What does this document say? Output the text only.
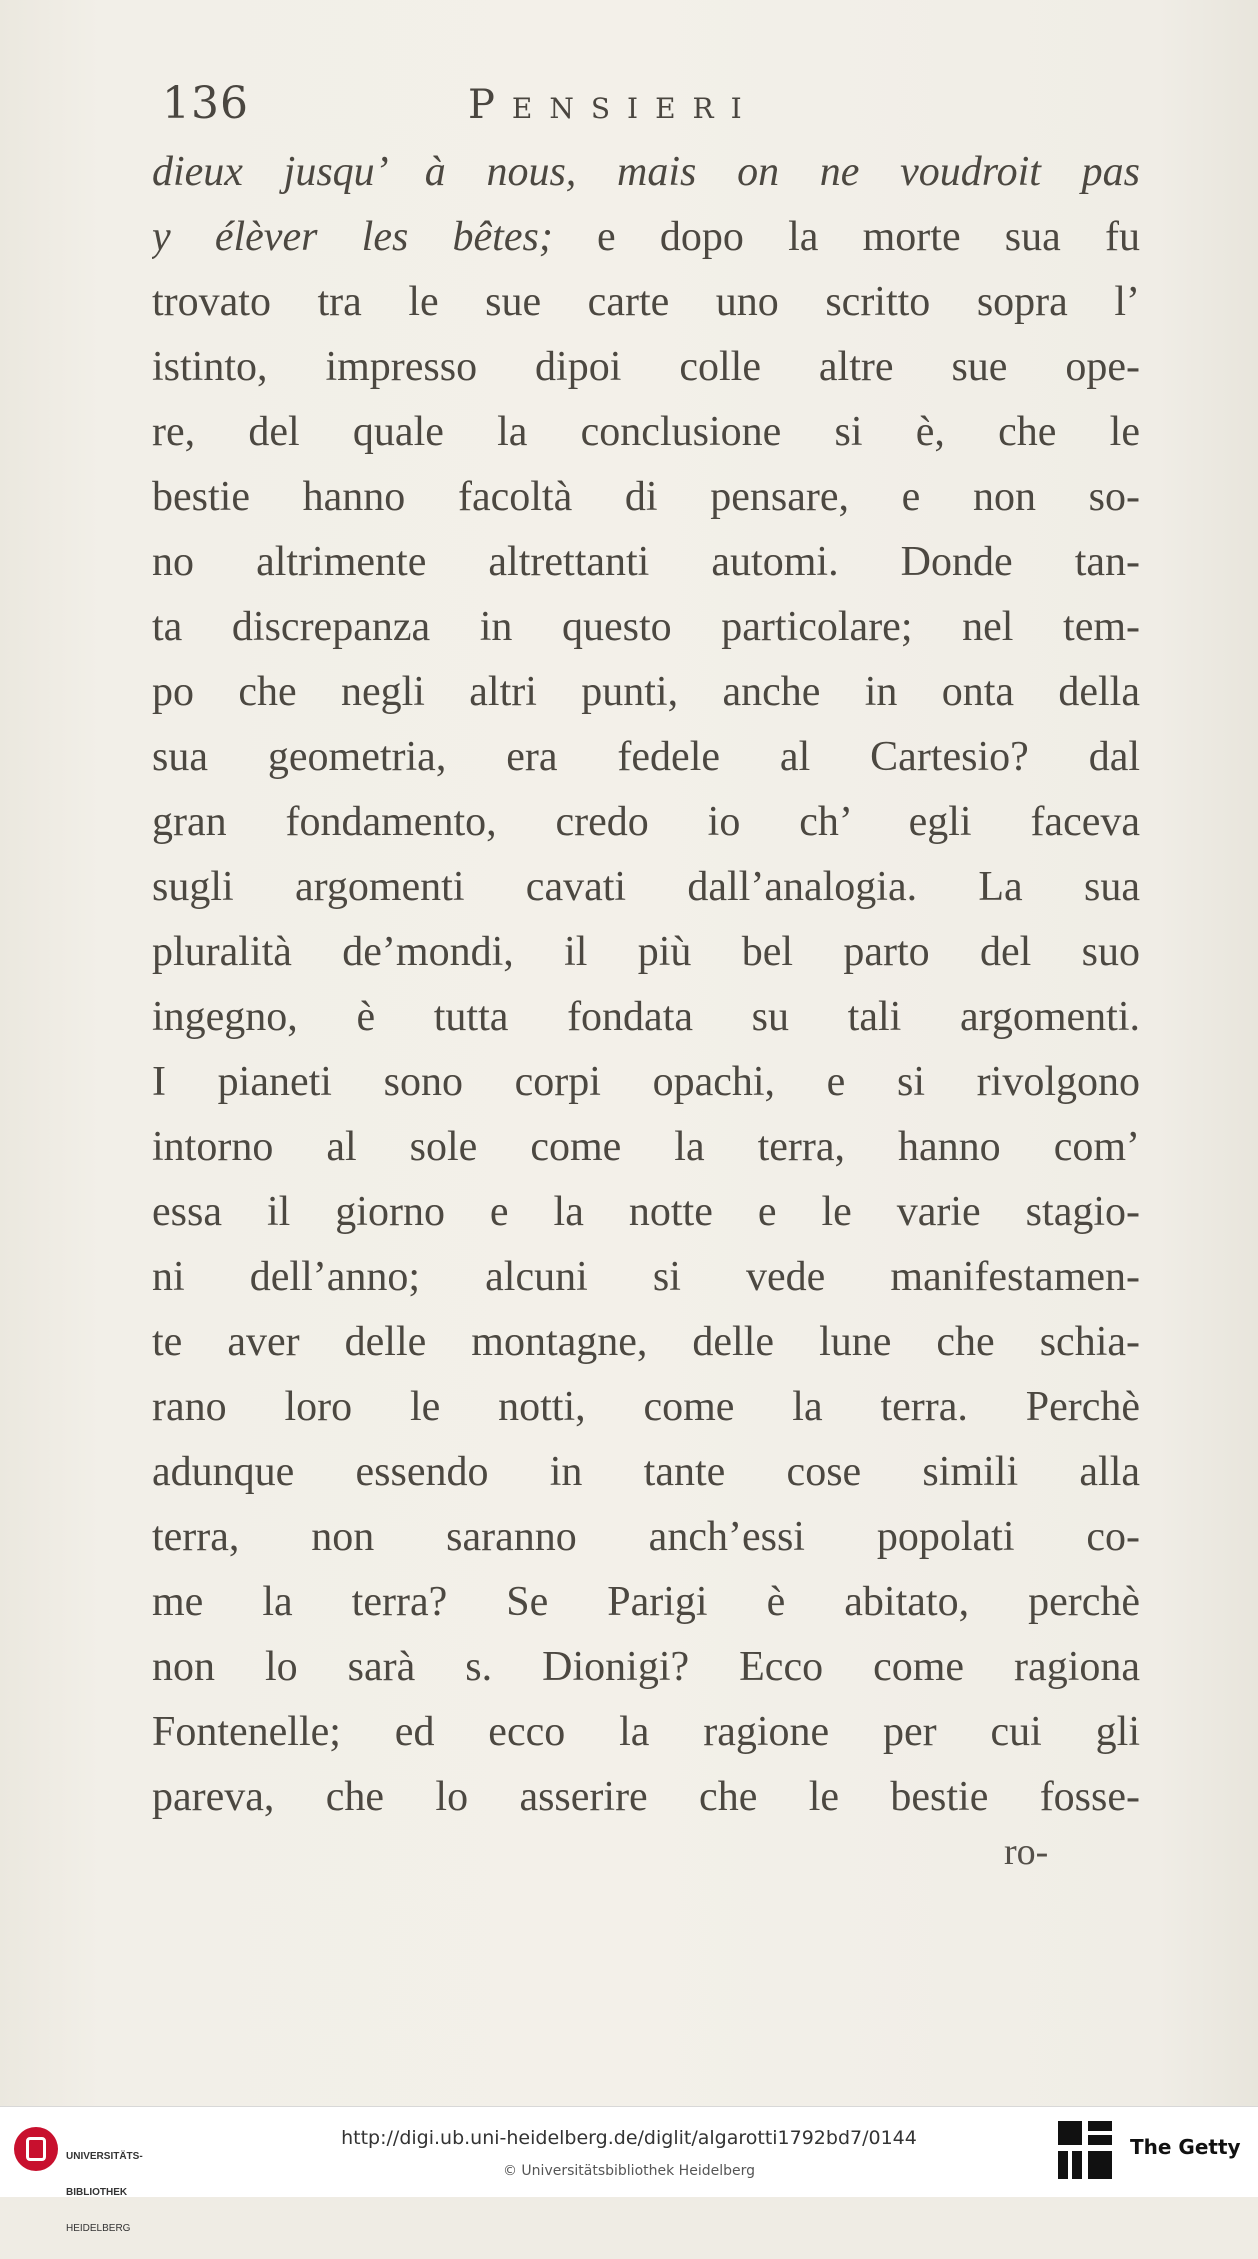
136	Pensieri
dieux jusqu’ à nous, mais on ne voudroit pas
y élèver les bêtes; e dopo la morte sua fu
trovato tra le sue carte uno scritto sopra l’
istinto, impresso dipoi colle altre sue ope-
re, del quale la conclusione si è, che le
bestie hanno facoltà di pensare, e non so-
no altrimente altrettanti automi. Donde tan-
ta discrepanza in questo particolare; nel tem-
po che negli altri punti, anche in onta della
sua geometria, era fedele al Cartesio? dal
gran fondamento, credo io ch’ egli faceva
sugli argomenti cavati dall’analogia. La sua
pluralità de’mondi, il più bel parto del suo
ingegno, è tutta fondata su tali argomenti.
I pianeti sono corpi opachi, e si rivolgono
intorno al sole come la terra, hanno com’
essa il giorno e la notte e le varie stagio-
ni dell’anno; alcuni si vede manifestamen-
te aver delle montagne, delle lune che schia-
rano loro le notti, come la terra. Perchè
adunque essendo in tante cose simili alla
terra, non saranno anch’essi popolati co-
me la terra? Se Parigi è abitato, perchè
non lo sarà s. Dionigi? Ecco come ragiona
Fontenelle; ed ecco la ragione per cui gli
pareva, che lo asserire che le bestie fosse-
ro-

UNIVERSITÄTS-

BIBLIOTHEK

HEIDELBERG

http://digi.ub.uni-heidelberg.de/diglit/algarotti1792bd7/0144
© Universitätsbibliothek Heidelberg
The Getty
